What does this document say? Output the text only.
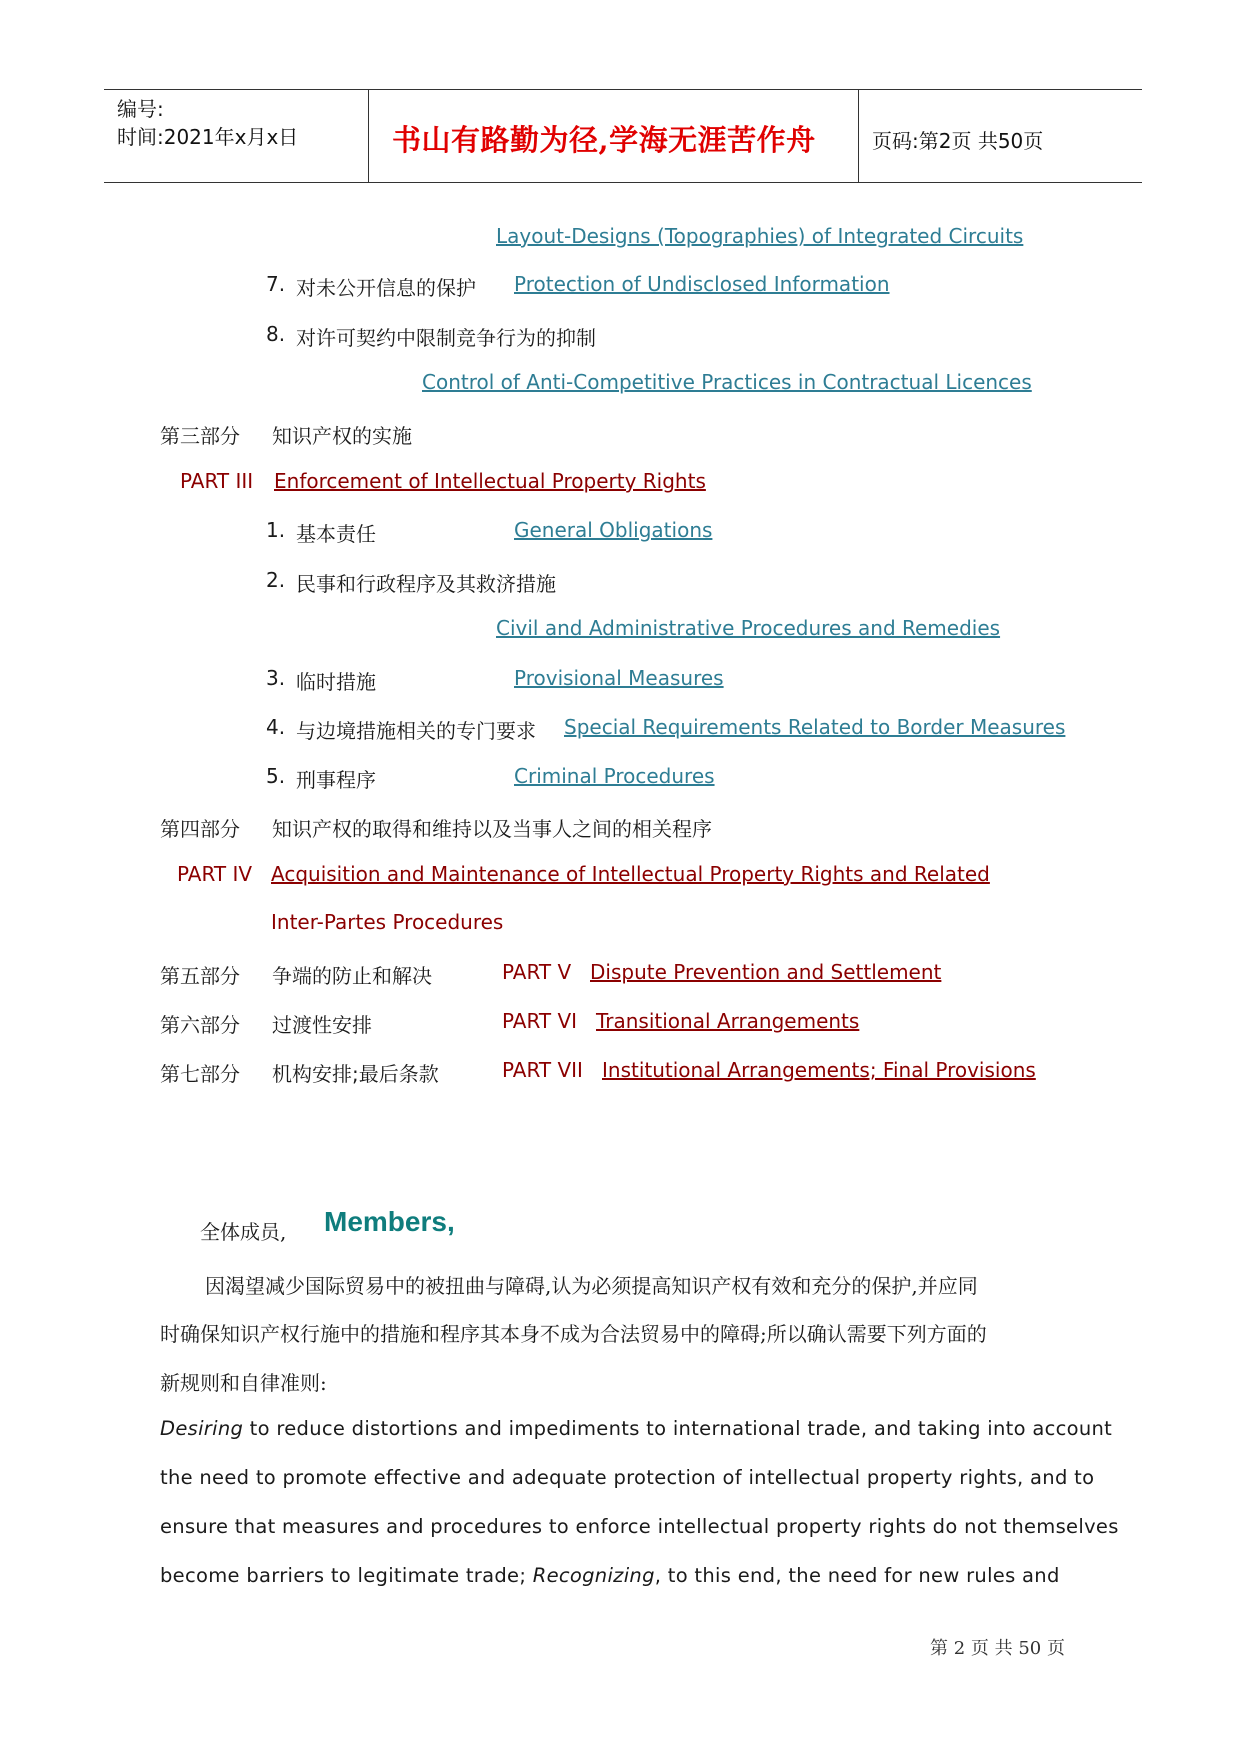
编号:
时间:2021年x月x日	书山有路勤为径,学海无涯苦作舟	页码:第2页 共50页
Layout-Designs (Topographies) of Integrated Circuits
7. 对未公开信息的保护 Protection of Undisclosed Information
8. 对许可契约中限制竞争行为的抑制
Control of Anti-Competitive Practices in Contractual Licences
第三部分 知识产权的实施
PART III Enforcement of Intellectual Property Rights
1. 基本责任	General Obligations
2. 民事和行政程序及其救济措施
Civil and Administrative Procedures and Remedies
3. 临时措施	Provisional Measures
4. 与边境措施相关的专门要求 Special Requirements Related to Border Measures
5. 刑事程序	Criminal Procedures
第四部分 知识产权的取得和维持以及当事人之间的相关程序
PART IV Acquisition and Maintenance of Intellectual Property Rights and Related
Inter-Partes Procedures
第五部分 争端的防止和解决	PART V Dispute Prevention and Settlement
第六部分 过渡性安排	PART VI Transitional Arrangements
第七部分 机构安排;最后条款	PART VII Institutional Arrangements; Final Provisions
全体成员, Members,
因渴望减少国际贸易中的被扭曲与障碍,认为必须提高知识产权有效和充分的保护,并应同
时确保知识产权行施中的措施和程序其本身不成为合法贸易中的障碍;所以确认需要下列方面的
新规则和自律准则:
Desiring to reduce distortions and impediments to international trade, and taking into account
the need to promote effective and adequate protection of intellectual property rights, and to
ensure that measures and procedures to enforce intellectual property rights do not themselves
become barriers to legitimate trade; Recognizing, to this end, the need for new rules and
第 2 页 共 50 页
